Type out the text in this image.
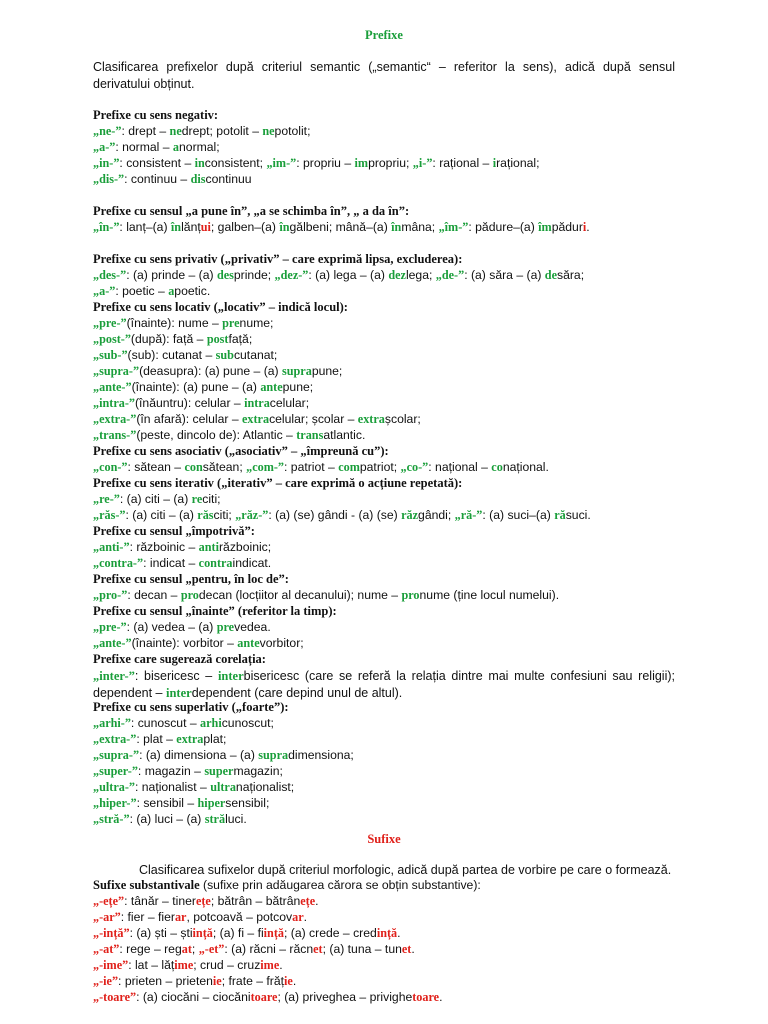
Prefixe
Clasificarea prefixelor după criteriul semantic („semantic“ – referitor la sens), adică după sensul derivatului obținut.
Prefixe cu sens negativ:
„ne-”: drept – nedrept; potolit – nepotolit;
„a-”: normal – anormal;
„in-”: consistent – inconsistent; „im-”: propriu – impropriu; „i-”: rațional – irațional;
„dis-”: continuu – discontinuu
Prefixe cu sensul „a pune în”, „a se schimba în”, „ a da în”:
„în-”: lanț–(a) înlănțui; galben–(a) îngălbeni; mână–(a) înmâna; „îm-”: pădure–(a) împăduri.
Prefixe cu sens privativ („privativ” – care exprimă lipsa, excluderea):
„des-”: (a) prinde – (a) desprinde; „dez-”: (a) lega – (a) dezlega; „de-”: (a) săra – (a) desăra;
„a-”: poetic – apoetic.
Prefixe cu sens locativ („locativ” – indică locul):
„pre-”(înainte): nume – prenume;
„post-”(după): față – postfață;
„sub-”(sub): cutanat – subcutanat;
„supra-”(deasupra): (a) pune – (a) suprapune;
„ante-”(înainte): (a) pune – (a) antepune;
„intra-”(înăuntru): celular – intracelular;
„extra-”(în afară): celular – extracelular; școlar – extrașcolar;
„trans-”(peste, dincolo de): Atlantic – transatlantic.
Prefixe cu sens asociativ („asociativ” – „împreună cu”):
„con-”: sătean – consătean; „com-”: patriot – compatriot; „co-”: național – conațional.
Prefixe cu sens iterativ („iterativ” – care exprimă o acțiune repetată):
„re-”: (a) citi – (a) reciti;
„răs-”: (a) citi – (a) răsciti; „răz-”: (a) (se) gândi - (a) (se) răzgândi; „ră-”: (a) suci–(a) răsuci.
Prefixe cu sensul „împotrivă”:
„anti-”: războinic – antirăzboinic;
„contra-”: indicat – contraindicat.
Prefixe cu sensul „pentru, în loc de”:
„pro-”: decan – prodecan (locțiitor al decanului); nume – pronume (ține locul numelui).
Prefixe cu sensul „înainte” (referitor la timp):
„pre-”: (a) vedea – (a) prevedea.
„ante-”(înainte): vorbitor – antevorbitor;
Prefixe care sugerează corelația:
„inter-”: bisericesc – interbisericesc (care se referă la relația dintre mai multe confesiuni sau religii); dependent – interdependent (care depind unul de altul).
Prefixe cu sens superlativ („foarte”):
„arhi-”: cunoscut – arhicunoscut;
„extra-”: plat – extraplat;
„supra-”: (a) dimensiona – (a) supradimensiona;
„super-”: magazin – supermagazin;
„ultra-”: naționalist – ultranaționalist;
„hiper-”: sensibil – hipersensibil;
„stră-”: (a) luci – (a) străluci.
Sufixe
Clasificarea sufixelor după criteriul morfologic, adică după partea de vorbire pe care o formează.
Sufixe substantivale (sufixe prin adăugarea cărora se obțin substantive):
„-ețe”: tânăr – tinerețe; bătrân – bătrânețe.
„-ar”: fier – fierar, potcoavă – potcovar.
„-ință”: (a) ști – știință; (a) fi – ființă; (a) crede – credință.
„-at”: rege – regat; „-et”: (a) răcni – răcnet; (a) tuna – tunet.
„-ime”: lat – lățime; crud – cruzime.
„-ie”: prieten – prietenie; frate – frăție.
„-toare”: (a) ciocăni – ciocănitoare; (a) priveghea – privighetoare.
